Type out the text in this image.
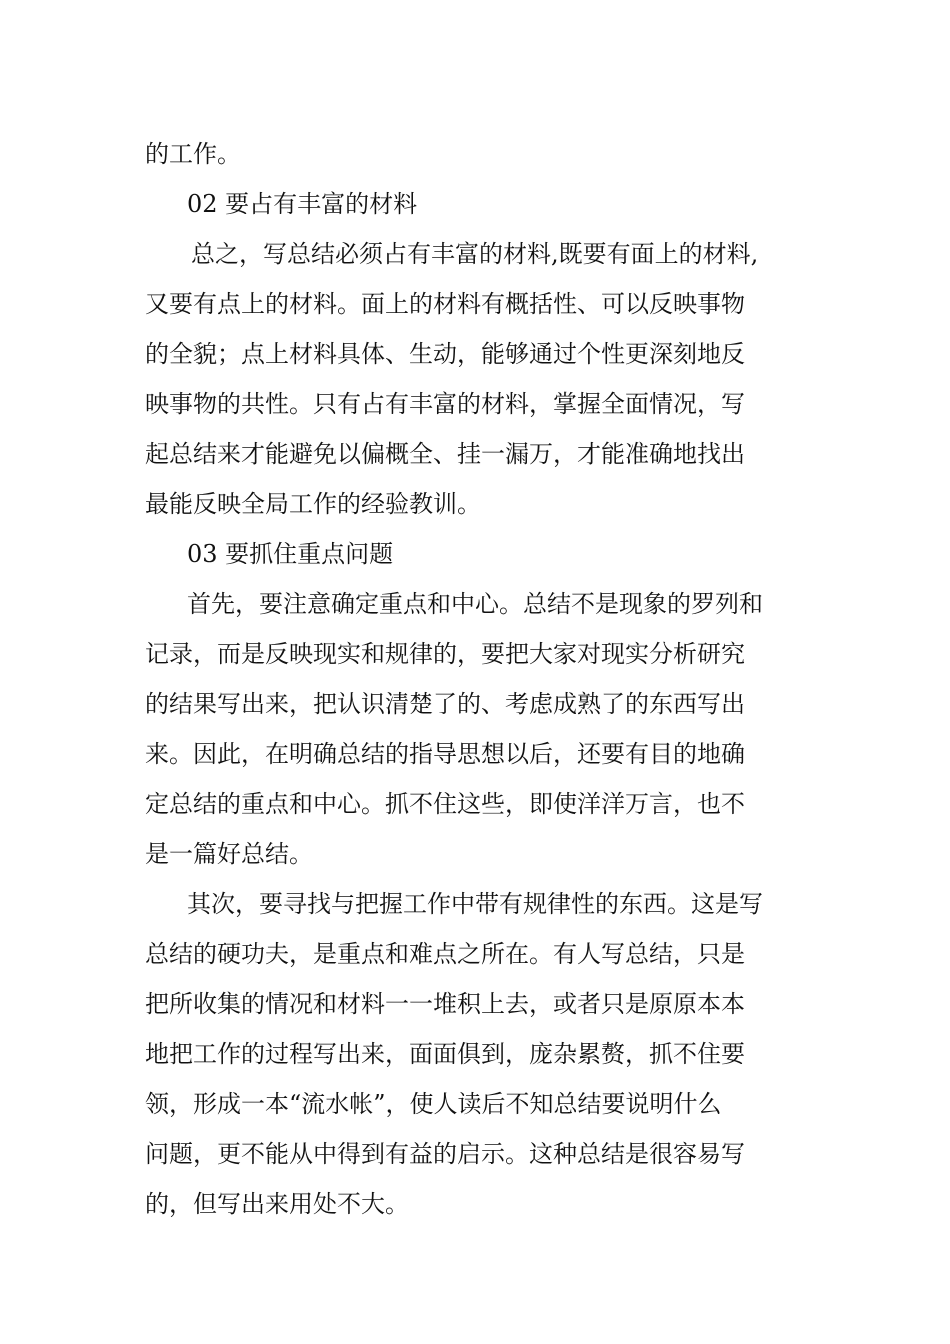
的工作。
02 要占有丰富的材料
总之，写总结必须占有丰富的材料,既要有面上的材料,
又要有点上的材料。面上的材料有概括性、可以反映事物
的全貌；点上材料具体、生动，能够通过个性更深刻地反
映事物的共性。只有占有丰富的材料，掌握全面情况，写
起总结来才能避免以偏概全、挂一漏万，才能准确地找出
最能反映全局工作的经验教训。
03 要抓住重点问题
首先，要注意确定重点和中心。总结不是现象的罗列和
记录，而是反映现实和规律的，要把大家对现实分析研究
的结果写出来，把认识清楚了的、考虑成熟了的东西写出
来。因此，在明确总结的指导思想以后，还要有目的地确
定总结的重点和中心。抓不住这些，即使洋洋万言，也不
是一篇好总结。
其次，要寻找与把握工作中带有规律性的东西。这是写
总结的硬功夫，是重点和难点之所在。有人写总结，只是
把所收集的情况和材料一一堆积上去，或者只是原原本本
地把工作的过程写出来，面面俱到，庞杂累赘，抓不住要
领，形成一本“流水帐”，使人读后不知总结要说明什么
问题，更不能从中得到有益的启示。这种总结是很容易写
的，但写出来用处不大。
